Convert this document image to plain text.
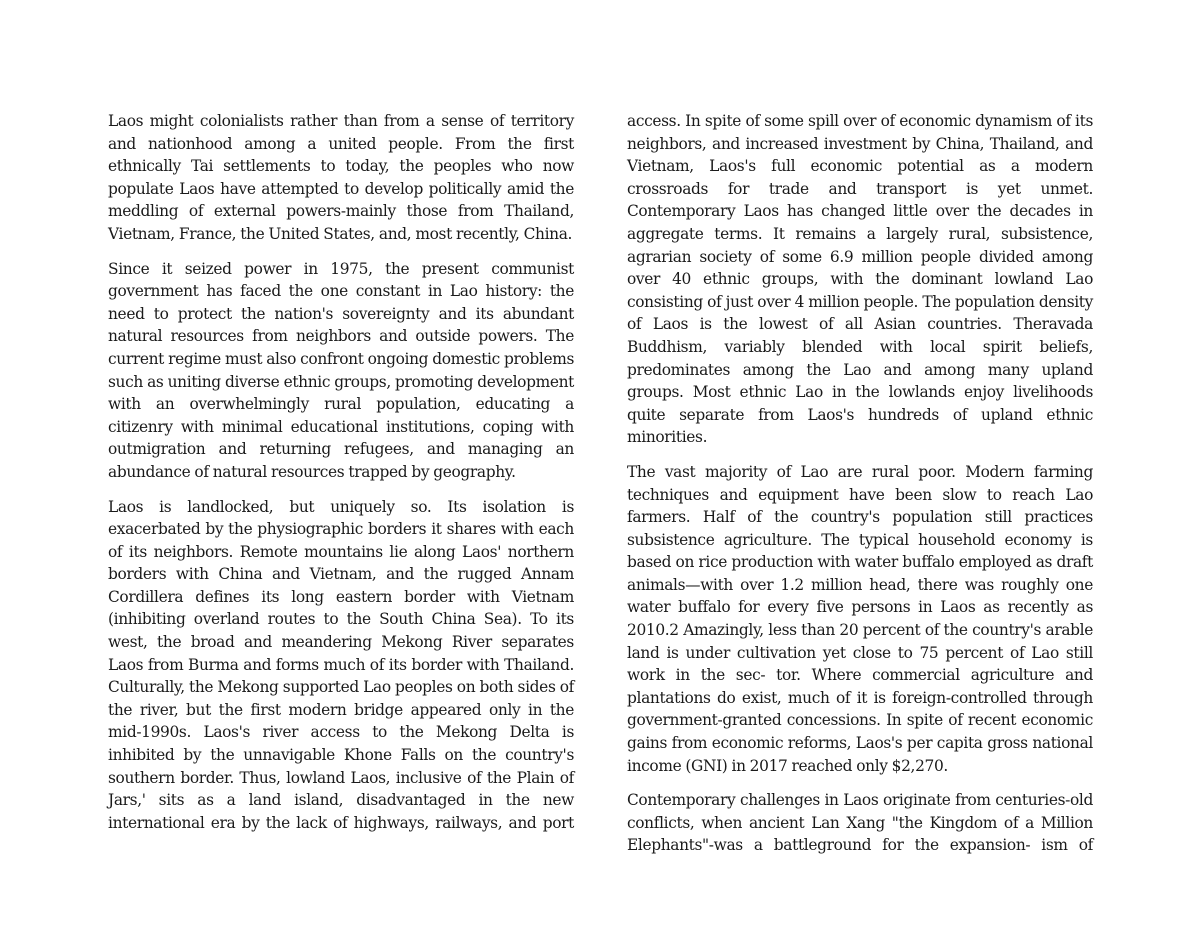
Laos might colonialists rather than from a sense of territory and nationhood among a united people. From the first ethnically Tai settlements to today, the peoples who now populate Laos have attempted to develop politically amid the meddling of external powers-mainly those from Thailand, Vietnam, France, the United States, and, most recently, China.

Since it seized power in 1975, the present communist government has faced the one constant in Lao history: the need to protect the nation's sovereignty and its abundant natural resources from neighbors and outside powers. The current regime must also confront ongoing domestic problems such as uniting diverse ethnic groups, promoting development with an overwhelmingly rural population, educating a citizenry with minimal educational institutions, coping with outmigration and returning refugees, and managing an abundance of natural resources trapped by geography.

Laos is landlocked, but uniquely so. Its isolation is exacerbated by the physiographic borders it shares with each of its neighbors. Remote mountains lie along Laos' northern borders with China and Vietnam, and the rugged Annam Cordillera defines its long eastern border with Vietnam (inhibiting overland routes to the South China Sea). To its west, the broad and meandering Mekong River separates Laos from Burma and forms much of its border with Thailand. Culturally, the Mekong supported Lao peoples on both sides of the river, but the first modern bridge appeared only in the mid-1990s. Laos's river access to the Mekong Delta is inhibited by the unnavigable Khone Falls on the country's southern border. Thus, lowland Laos, inclusive of the Plain of Jars,' sits as a land island, disadvantaged in the new international era by the lack of highways, railways, and port

access. In spite of some spill over of economic dynamism of its neighbors, and increased investment by China, Thailand, and Vietnam, Laos's full economic potential as a modern crossroads for trade and transport is yet unmet. Contemporary Laos has changed little over the decades in aggregate terms. It remains a largely rural, subsistence, agrarian society of some 6.9 million people divided among over 40 ethnic groups, with the dominant lowland Lao consisting of just over 4 million people. The population density of Laos is the lowest of all Asian countries. Theravada Buddhism, variably blended with local spirit beliefs, predominates among the Lao and among many upland groups. Most ethnic Lao in the lowlands enjoy livelihoods quite separate from Laos's hundreds of upland ethnic minorities.

The vast majority of Lao are rural poor. Modern farming techniques and equipment have been slow to reach Lao farmers. Half of the country's population still practices subsistence agriculture. The typical household economy is based on rice production with water buffalo employed as draft animals—with over 1.2 million head, there was roughly one water buffalo for every five persons in Laos as recently as 2010.2 Amazingly, less than 20 percent of the country's arable land is under cultivation yet close to 75 percent of Lao still work in the sec- tor. Where commercial agriculture and plantations do exist, much of it is foreign-controlled through government-granted concessions. In spite of recent economic gains from economic reforms, Laos's per capita gross national income (GNI) in 2017 reached only $2,270.

Contemporary challenges in Laos originate from centuries-old conflicts, when ancient Lan Xang "the Kingdom of a Million Elephants"-was a battleground for the expansion- ism of
